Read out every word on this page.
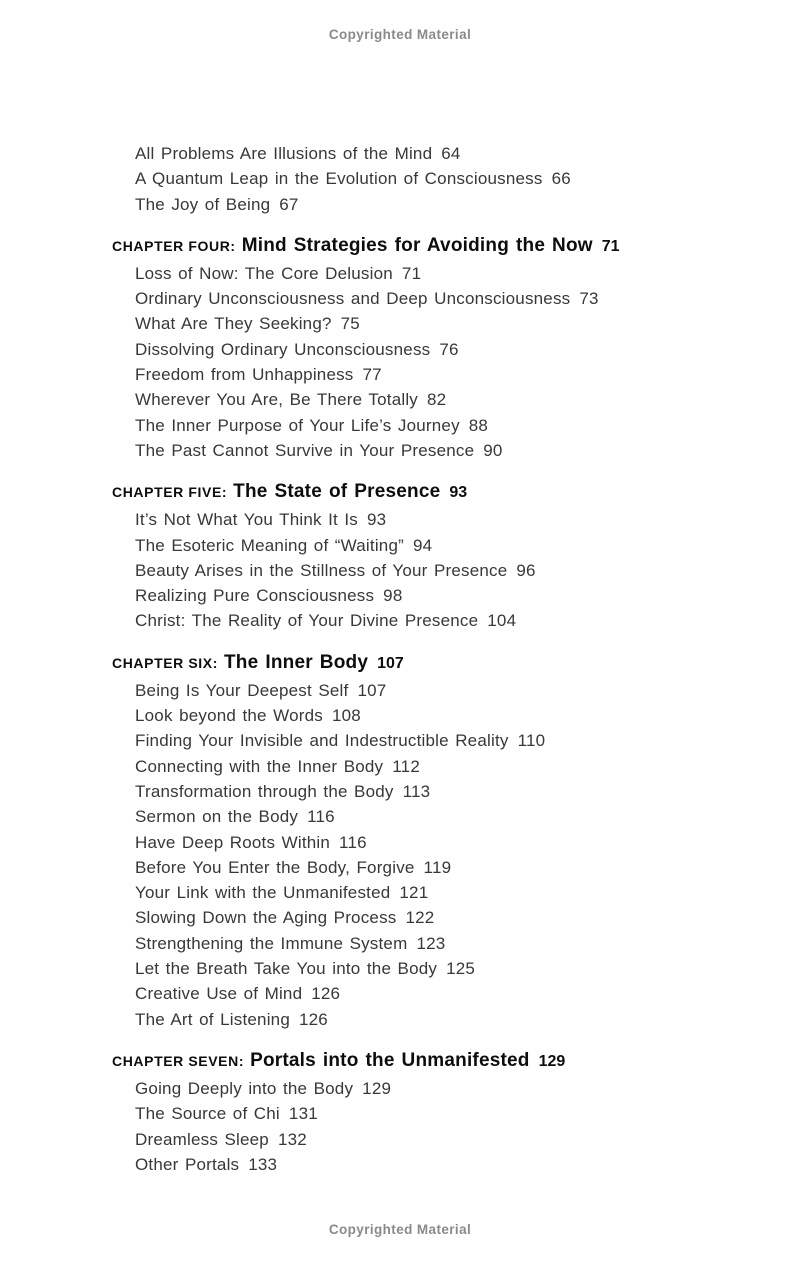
Copyrighted Material
All Problems Are Illusions of the Mind 64
A Quantum Leap in the Evolution of Consciousness 66
The Joy of Being 67
CHAPTER FOUR: Mind Strategies for Avoiding the Now 71
Loss of Now: The Core Delusion 71
Ordinary Unconsciousness and Deep Unconsciousness 73
What Are They Seeking? 75
Dissolving Ordinary Unconsciousness 76
Freedom from Unhappiness 77
Wherever You Are, Be There Totally 82
The Inner Purpose of Your Life’s Journey 88
The Past Cannot Survive in Your Presence 90
CHAPTER FIVE: The State of Presence 93
It’s Not What You Think It Is 93
The Esoteric Meaning of “Waiting” 94
Beauty Arises in the Stillness of Your Presence 96
Realizing Pure Consciousness 98
Christ: The Reality of Your Divine Presence 104
CHAPTER SIX: The Inner Body 107
Being Is Your Deepest Self 107
Look beyond the Words 108
Finding Your Invisible and Indestructible Reality 110
Connecting with the Inner Body 112
Transformation through the Body 113
Sermon on the Body 116
Have Deep Roots Within 116
Before You Enter the Body, Forgive 119
Your Link with the Unmanifested 121
Slowing Down the Aging Process 122
Strengthening the Immune System 123
Let the Breath Take You into the Body 125
Creative Use of Mind 126
The Art of Listening 126
CHAPTER SEVEN: Portals into the Unmanifested 129
Going Deeply into the Body 129
The Source of Chi 131
Dreamless Sleep 132
Other Portals 133
Copyrighted Material
